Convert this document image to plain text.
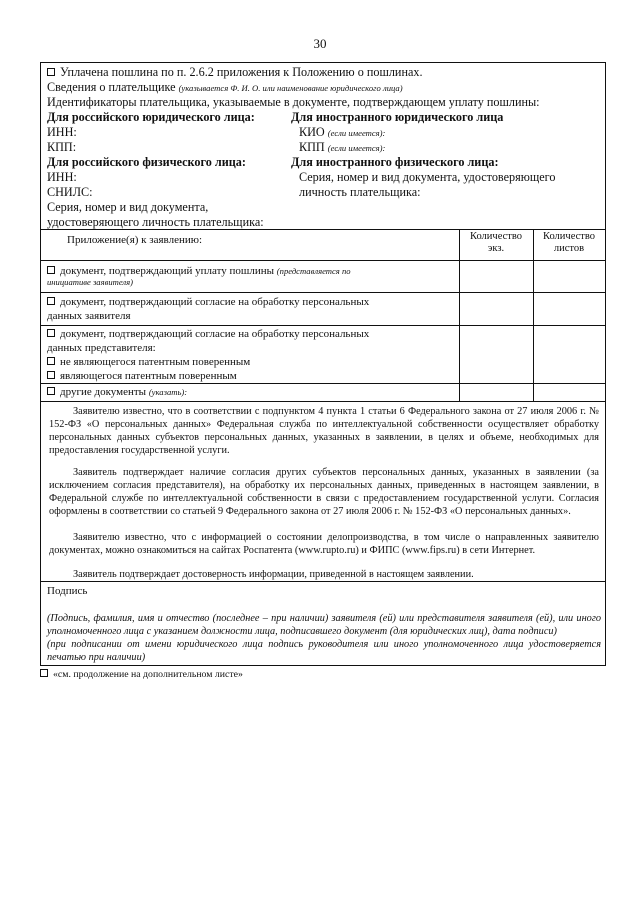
30
Уплачена пошлина по п. 2.6.2 приложения к Положению о пошлинах.
Сведения о плательщике (указывается Ф. И. О. или наименование юридического лица)
Идентификаторы плательщика, указываемые в документе, подтверждающем уплату пошлины:
Для российского юридического лица:
ИНН:
КПП:
Для иностранного юридического лица
КИО (если имеется):
КПП (если имеется):
Для российского физического лица:
ИНН:
СНИЛС:
Серия, номер и вид документа,
удостоверяющего личность плательщика:
Для иностранного физического лица:
Серия, номер и вид документа, удостоверяющего
личность плательщика:
Приложение(я) к заявлению:	Количество
экз.
Количество
листов
документ, подтверждающий уплату пошлины (представляется по
инициативе заявителя)
документ, подтверждающий согласие на обработку персональных
данных заявителя
документ, подтверждающий согласие на обработку персональных
данных представителя:
не являющегося патентным поверенным
являющегося патентным поверенным
другие документы (указать):
Заявителю известно, что в соответствии с подпунктом 4 пункта 1 статьи 6 Федерального закона от 27 июля 2006 г. № 152-ФЗ «О персональных данных» Федеральная служба по интеллектуальной собственности осуществляет обработку персональных данных субъектов персональных данных, указанных в заявлении, в целях и объеме, необходимых для предоставления государственной услуги.
Заявитель подтверждает наличие согласия других субъектов персональных данных, указанных в заявлении (за исключением согласия представителя), на обработку их персональных данных, приведенных в настоящем заявлении, в Федеральной службе по интеллектуальной собственности в связи с предоставлением государственной услуги. Согласия оформлены в соответствии со статьей 9 Федерального закона от 27 июля 2006 г. № 152-ФЗ «О персональных данных».
Заявителю известно, что с информацией о состоянии делопроизводства, в том числе о направленных заявителю документах, можно ознакомиться на сайтах Роспатента (www.rupto.ru) и ФИПС (www.fips.ru) в сети Интернет.
Заявитель подтверждает достоверность информации, приведенной в настоящем заявлении.
Подпись
(Подпись, фамилия, имя и отчество (последнее – при наличии) заявителя (ей) или представителя заявителя (ей), или иного уполномоченного лица с указанием должности лица, подписавшего документ (для юридических лиц), дата подписи)
(при подписании от имени юридического лица подпись руководителя или иного уполномоченного лица удостоверяется печатью при наличии)
«см. продолжение на дополнительном листе»
